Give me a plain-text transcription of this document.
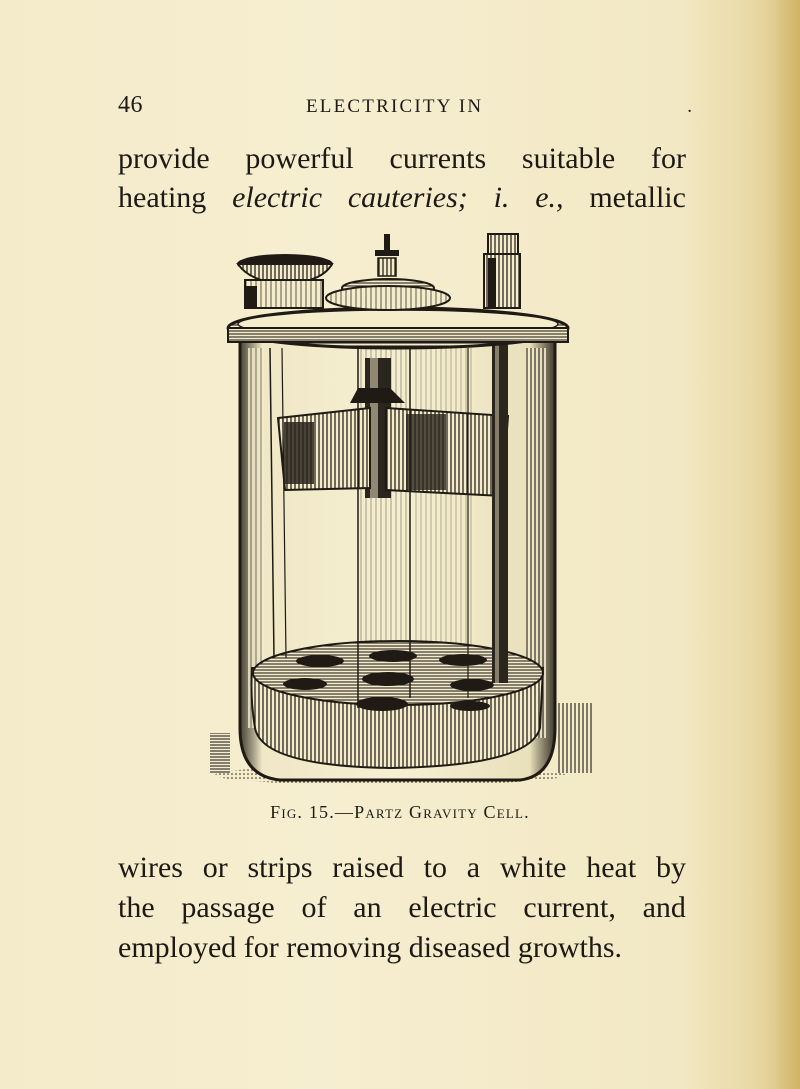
46	ELECTRICITY IN	.
provide powerful currents suitable for
heating electric cauteries; i. e., metallic
Fig. 15.—Partz Gravity Cell.
wires or strips raised to a white heat by
the passage of an electric current, and
employed for removing diseased growths.
